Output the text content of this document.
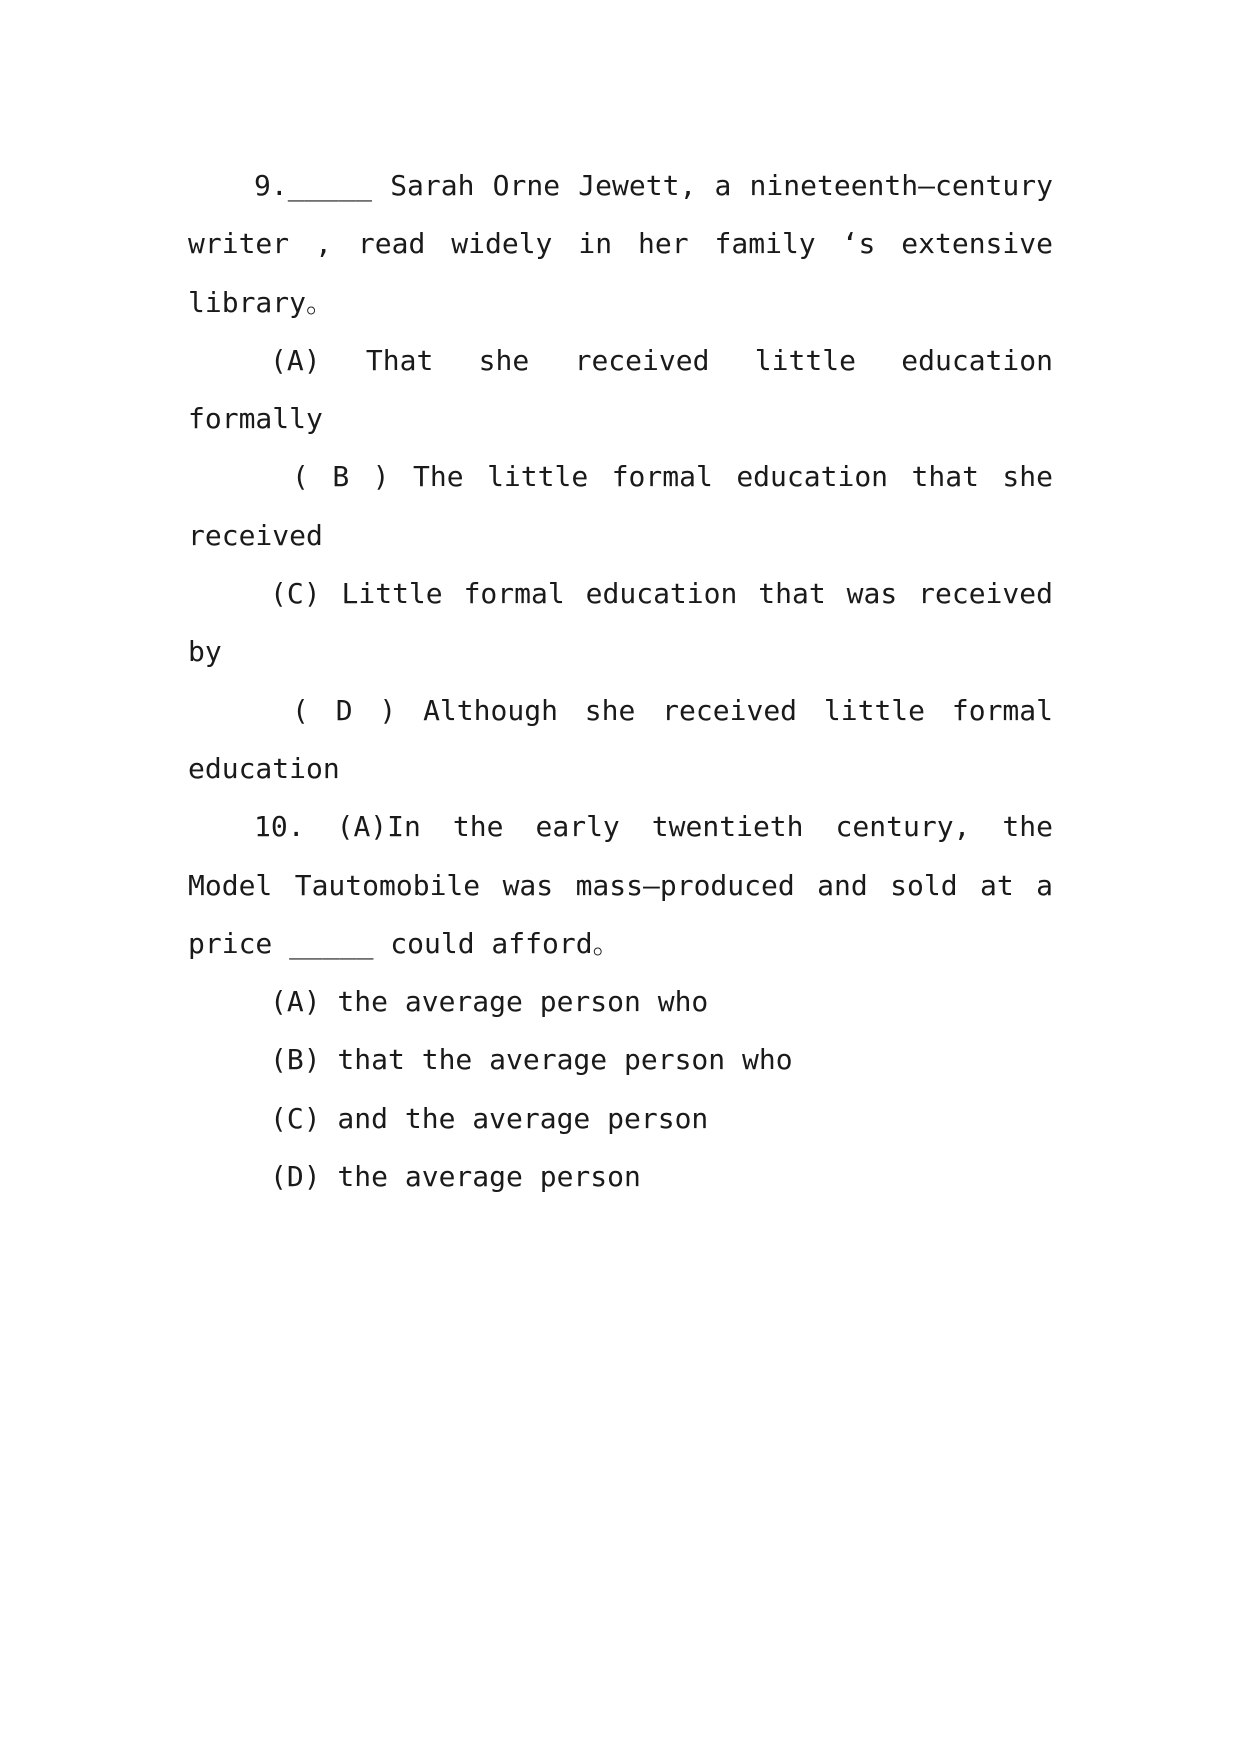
9._____ Sarah Orne Jewett, a nineteenth—century writer , read widely in her family ‘s extensive library。

(A) That she received little education formally

( B ) The little formal education that she received

(C) Little formal education that was received by

( D ) Although she received little formal education

10. (A)In the early twentieth century, the Model Tautomobile was mass—produced and sold at a price _____ could afford。

(A) the average person who

(B) that the average person who

(C) and the average person

(D) the average person
